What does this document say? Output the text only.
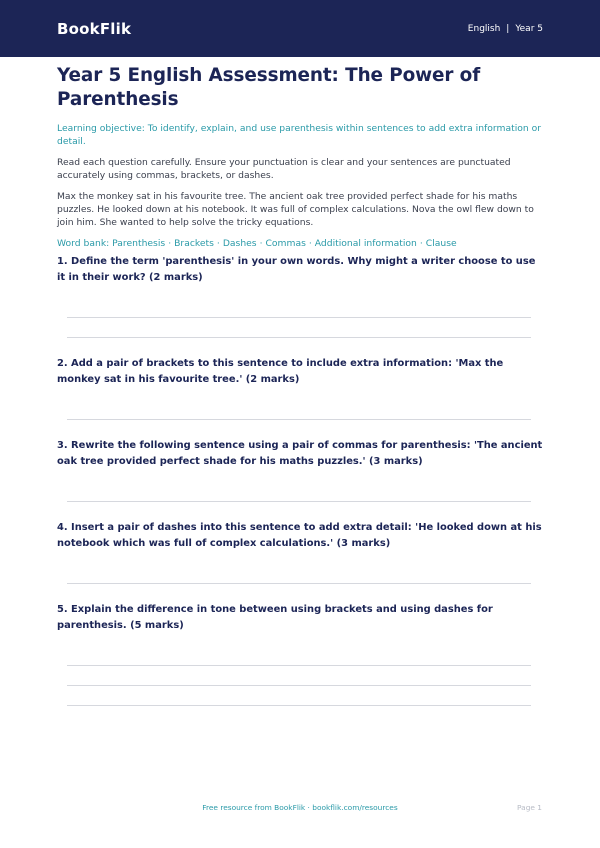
BookFlik	English | Year 5
Year 5 English Assessment: The Power of Parenthesis
Learning objective: To identify, explain, and use parenthesis within sentences to add extra information or detail.
Read each question carefully. Ensure your punctuation is clear and your sentences are punctuated accurately using commas, brackets, or dashes.
Max the monkey sat in his favourite tree. The ancient oak tree provided perfect shade for his maths puzzles. He looked down at his notebook. It was full of complex calculations. Nova the owl flew down to join him. She wanted to help solve the tricky equations.
Word bank: Parenthesis · Brackets · Dashes · Commas · Additional information · Clause
1. Define the term 'parenthesis' in your own words. Why might a writer choose to use it in their work? (2 marks)
2. Add a pair of brackets to this sentence to include extra information: 'Max the monkey sat in his favourite tree.' (2 marks)
3. Rewrite the following sentence using a pair of commas for parenthesis: 'The ancient oak tree provided perfect shade for his maths puzzles.' (3 marks)
4. Insert a pair of dashes into this sentence to add extra detail: 'He looked down at his notebook which was full of complex calculations.' (3 marks)
5. Explain the difference in tone between using brackets and using dashes for parenthesis. (5 marks)
Free resource from BookFlik · bookflik.com/resources	Page 1
